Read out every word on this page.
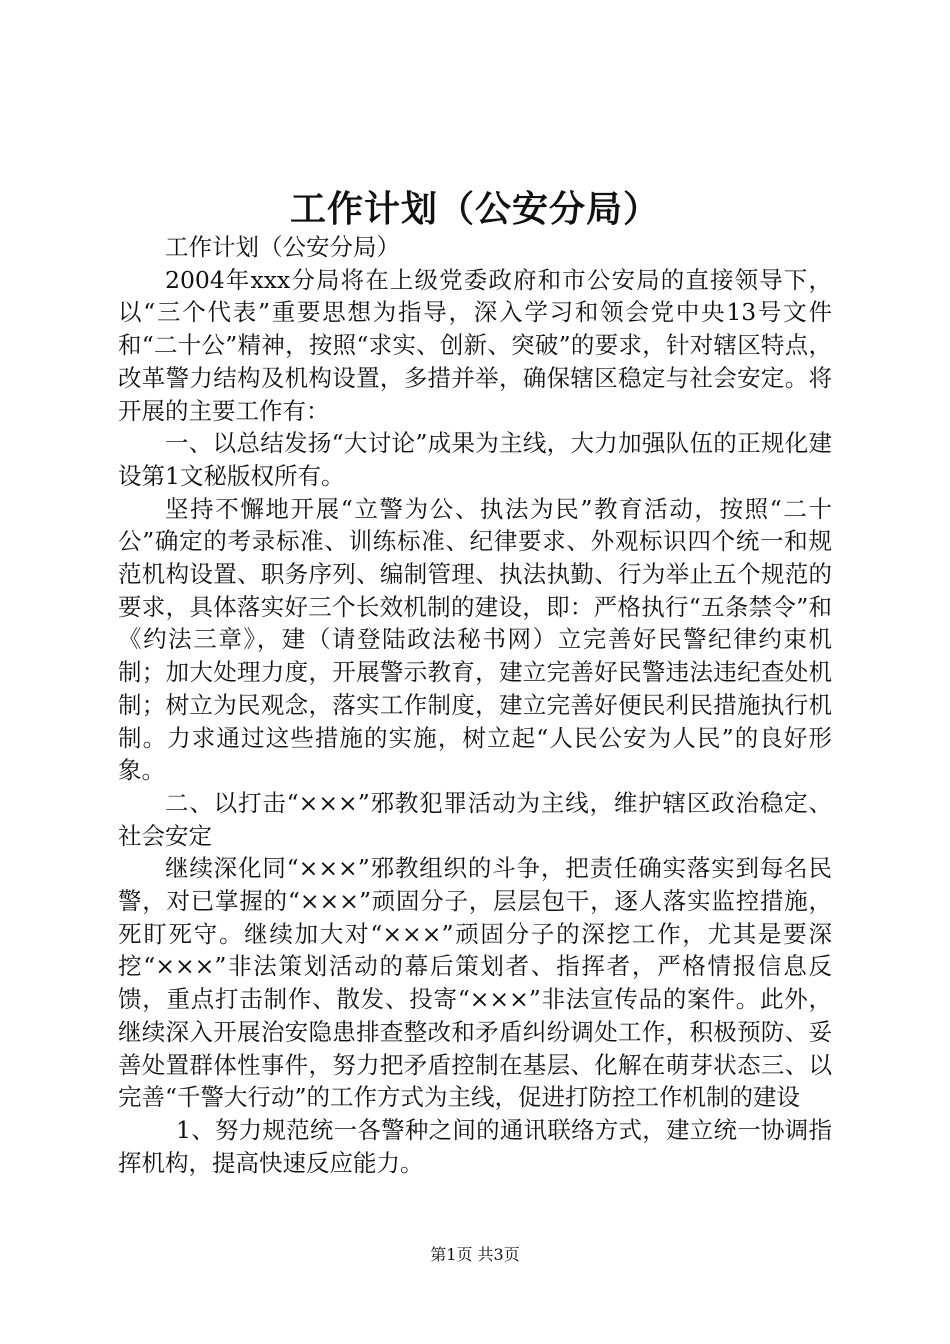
工作计划（公安分局）

工作计划（公安分局）

2004年xxx分局将在上级党委政府和市公安局的直接领导下，以“三个代表”重要思想为指导，深入学习和领会党中央13号文件和“二十公”精神，按照“求实、创新、突破”的要求，针对辖区特点，改革警力结构及机构设置，多措并举，确保辖区稳定与社会安定。将开展的主要工作有：

一、以总结发扬“大讨论”成果为主线，大力加强队伍的正规化建设第1文秘版权所有。

坚持不懈地开展“立警为公、执法为民”教育活动，按照“二十公”确定的考录标准、训练标准、纪律要求、外观标识四个统一和规范机构设置、职务序列、编制管理、执法执勤、行为举止五个规范的要求，具体落实好三个长效机制的建设，即：严格执行“五条禁令”和《约法三章》，建（请登陆政法秘书网）立完善好民警纪律约束机制；加大处理力度，开展警示教育，建立完善好民警违法违纪查处机制；树立为民观念，落实工作制度，建立完善好便民利民措施执行机制。力求通过这些措施的实施，树立起“人民公安为人民”的良好形象。

二、以打击“×××”邪教犯罪活动为主线，维护辖区政治稳定、社会安定

继续深化同“×××”邪教组织的斗争，把责任确实落实到每名民警，对已掌握的“×××”顽固分子，层层包干，逐人落实监控措施，死盯死守。继续加大对“×××”顽固分子的深挖工作，尤其是要深挖“×××”非法策划活动的幕后策划者、指挥者，严格情报信息反馈，重点打击制作、散发、投寄“×××”非法宣传品的案件。此外，继续深入开展治安隐患排查整改和矛盾纠纷调处工作，积极预防、妥善处置群体性事件，努力把矛盾控制在基层、化解在萌芽状态三、以完善“千警大行动”的工作方式为主线，促进打防控工作机制的建设

1、努力规范统一各警种之间的通讯联络方式，建立统一协调指挥机构，提高快速反应能力。

第1页 共3页
